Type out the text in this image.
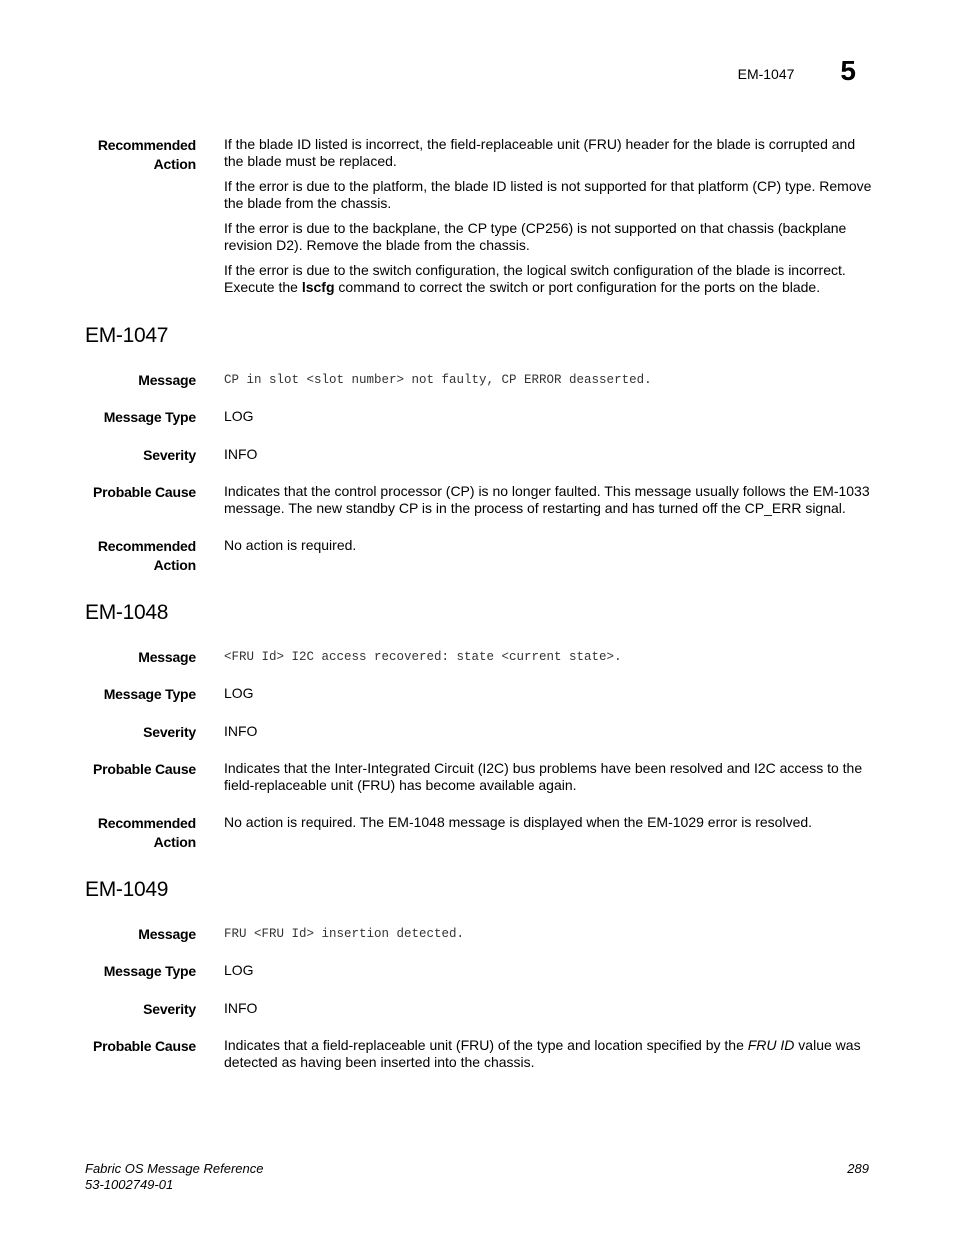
EM-1047 5
Recommended
Action

If the blade ID listed is incorrect, the field-replaceable unit (FRU) header for the blade is corrupted and the blade must be replaced.

If the error is due to the platform, the blade ID listed is not supported for that platform (CP) type. Remove the blade from the chassis.

If the error is due to the backplane, the CP type (CP256) is not supported on that chassis (backplane revision D2). Remove the blade from the chassis.

If the error is due to the switch configuration, the logical switch configuration of the blade is incorrect. Execute the lscfg command to correct the switch or port configuration for the ports on the blade.

EM-1047
Message CP in slot <slot number> not faulty, CP ERROR deasserted.
Message Type LOG
Severity INFO
Probable Cause Indicates that the control processor (CP) is no longer faulted. This message usually follows the EM-1033 message. The new standby CP is in the process of restarting and has turned off the CP_ERR signal.
Recommended
Action
No action is required.
EM-1048
Message <FRU Id> I2C access recovered: state <current state>.
Message Type LOG
Severity INFO
Probable Cause Indicates that the Inter-Integrated Circuit (I2C) bus problems have been resolved and I2C access to the field-replaceable unit (FRU) has become available again.
Recommended
Action
No action is required. The EM-1048 message is displayed when the EM-1029 error is resolved.
EM-1049
Message FRU <FRU Id> insertion detected.
Message Type LOG
Severity INFO
Probable Cause Indicates that a field-replaceable unit (FRU) of the type and location specified by the FRU ID value was detected as having been inserted into the chassis.
Fabric OS Message Reference
53-1002749-01
289
